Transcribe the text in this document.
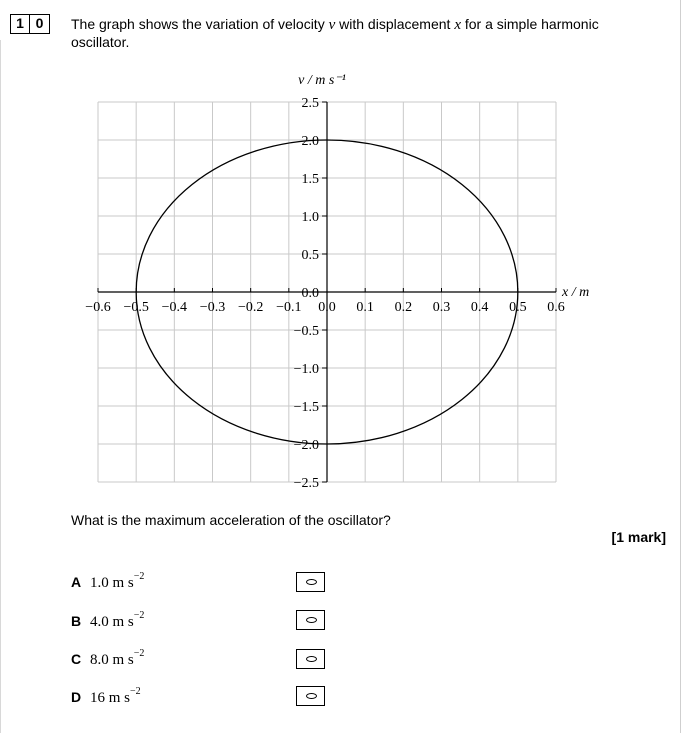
1 0	The graph shows the variation of velocity v with displacement x for a simple harmonic oscillator.
−0.6 −0.5 −0.4 −0.3 −0.2 −0.1	0.1 0.2 0.3 0.4 0.5 0.6
0.0
2.5
2.0
1.5
1.0
0.5
0.0
−0.5
−1.0
−1.5
−2.0
−2.5
v / m s⁻¹
x / m
What is the maximum acceleration of the oscillator?
[1 mark]
A 1.0 m $s^{-2}$
B 4.0 m $s^{-2}$
C 8.0 m $s^{-2}$
D 16 m $s^{-2}$
